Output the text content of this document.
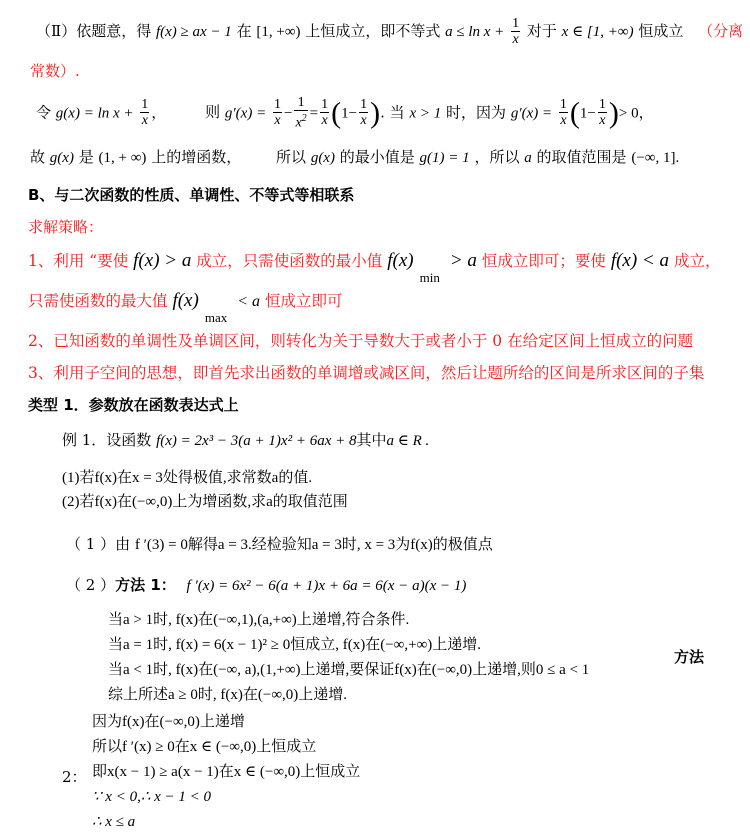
（Ⅱ）依题意，得 f(x) ≥ ax − 1 在 [1, +∞) 上恒成立，即不等式 $a \le \ln x + \frac{1}{x}$ 对于 x ∈ [1, +∞) 恒成立 （分离
常数）.
令 $g(x) = \ln x + \frac{1}{x}$ ，	则 $g'(x) = \frac{1}{x} - \frac{1}{x^2} = \frac{1}{x} (1- \frac{1}{x}$ ). 当 x > 1 时，因为 $g'(x) = \frac{1}{x} (1- \frac{1}{x}$ )> 0，
故 g(x) 是 (1, + ∞) 上的增函数， 所以 g(x) 的最小值是 g(1) = 1 ，所以 a 的取值范围是 (−∞, 1].
B、与二次函数的性质、单调性、不等式等相联系
求解策略：
1、利用 “要使 f(x) > a 成立，只需使函数的最小值 $f(x)_{min}> a$ 恒成立即可；要使 f(x) < a 成立，
只需使函数的最大值 $f(x)_{max}< a$ 恒成立即可
2、已知函数的单调性及单调区间，则转化为关于导数大于或者小于 0 在给定区间上恒成立的问题
3、利用子空间的思想，即首先求出函数的单调增或减区间，然后让题所给的区间是所求区间的子集
类型 1．参数放在函数表达式上
例 1．设函数 f(x) = 2x³ − 3(a + 1)x² + 6ax + 8其中a ∈ R .
(1)若f(x)在x = 3处得极值,求常数a的值.
(2)若f(x)在(−∞,0)上为增函数,求a的取值范围
（ 1 ）由 f ′(3) = 0解得a = 3.经检验知a = 3时, x = 3为f(x)的极值点
（ 2 ）方法 1： f ′(x) = 6x² − 6(a + 1)x + 6a = 6(x − a)(x − 1)
当a > 1时, f(x)在(−∞,1),(a,+∞)上递增,符合条件.
当a = 1时, f(x) = 6(x − 1)² ≥ 0恒成立, f(x)在(−∞,+∞)上递增.
当a < 1时, f(x)在(−∞, a),(1,+∞)上递增,要保证f(x)在(−∞,0)上递增,则0 ≤ a < 1
综上所述a ≥ 0时, f(x)在(−∞,0)上递增.
方法
因为f(x)在(−∞,0)上递增
所以f ′(x) ≥ 0在x ∈ (−∞,0)上恒成立
2： 即x(x − 1) ≥ a(x − 1)在x ∈ (−∞,0)上恒成立
∵ x < 0,∴ x − 1 < 0
∴ x ≤ a
